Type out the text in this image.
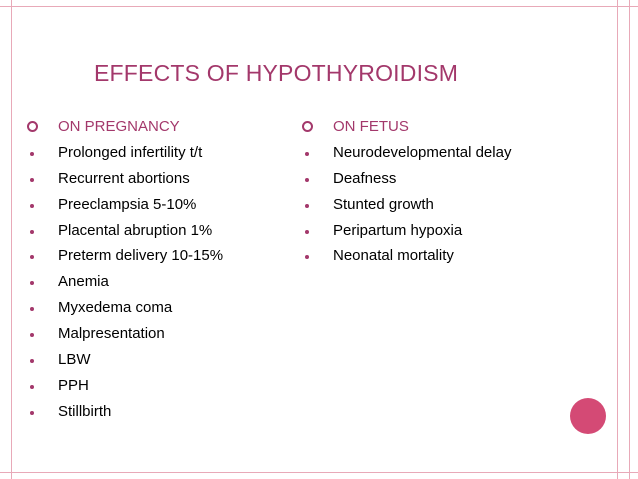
EFFECTS OF HYPOTHYROIDISM
ON PREGNANCY
Prolonged infertility t/t
Recurrent abortions
Preeclampsia 5-10%
Placental abruption 1%
Preterm delivery 10-15%
Anemia
Myxedema coma
Malpresentation
LBW
PPH
Stillbirth
ON FETUS
Neurodevelopmental delay
Deafness
Stunted growth
Peripartum hypoxia
Neonatal mortality
